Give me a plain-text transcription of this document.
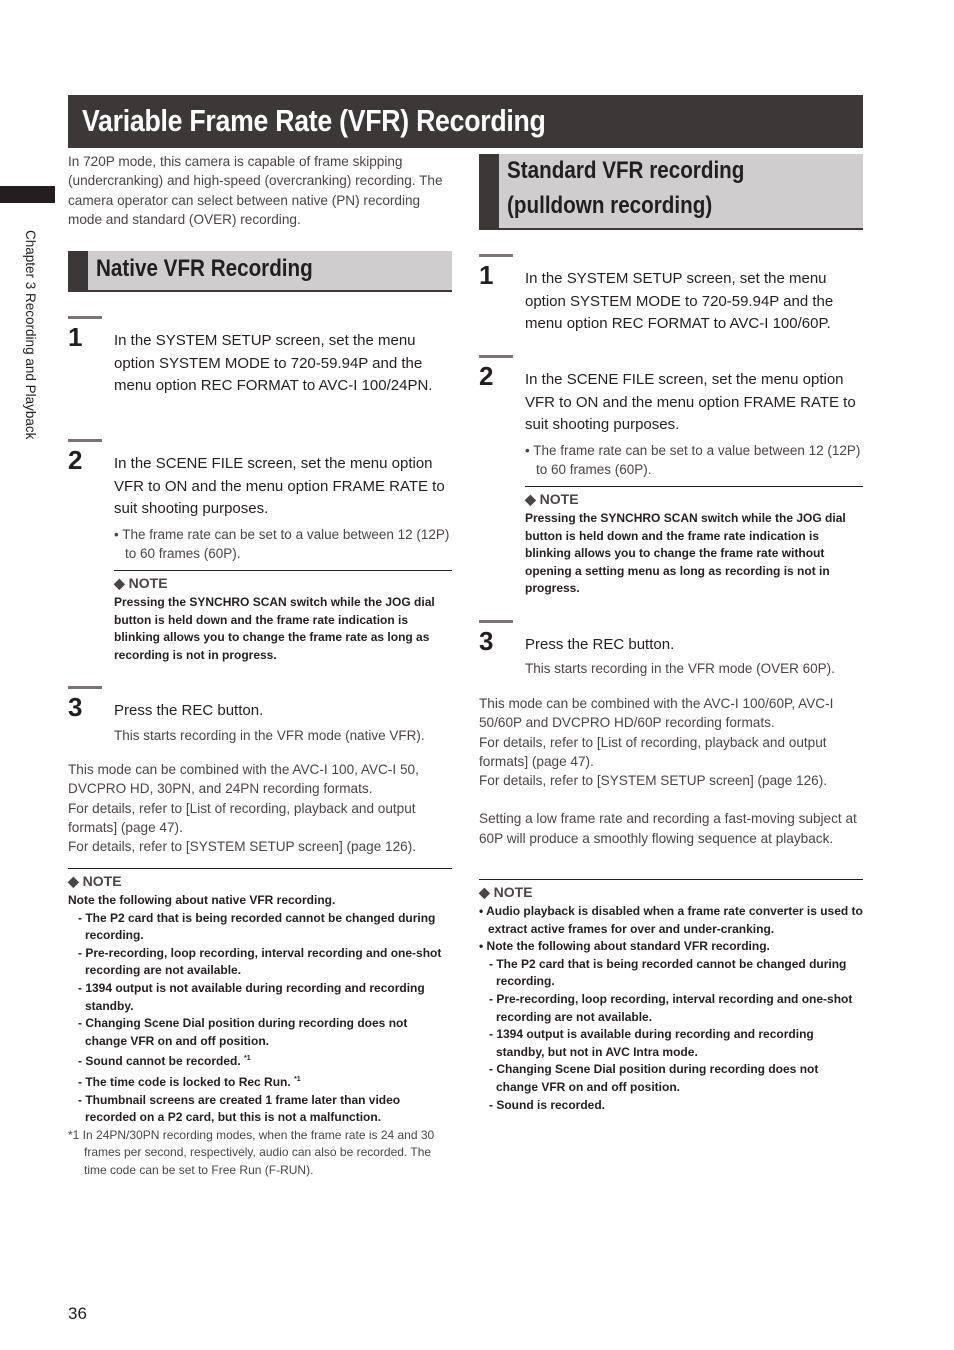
Variable Frame Rate (VFR) Recording
Chapter 3 Recording and Playback

In 720P mode, this camera is capable of frame skipping (undercranking) and high-speed (overcranking) recording. The camera operator can select between native (PN) recording mode and standard (OVER) recording.

Native VFR Recording
1 In the SYSTEM SETUP screen, set the menu option SYSTEM MODE to 720-59.94P and the menu option REC FORMAT to AVC-I 100/24PN.

2 In the SCENE FILE screen, set the menu option VFR to ON and the menu option FRAME RATE to suit shooting purposes.

• The frame rate can be set to a value between 12 (12P) to 60 frames (60P).

◆ NOTE

Pressing the SYNCHRO SCAN switch while the JOG dial button is held down and the frame rate indication is blinking allows you to change the frame rate as long as recording is not in progress.

3 Press the REC button.

This starts recording in the VFR mode (native VFR).

This mode can be combined with the AVC-I 100, AVC-I 50, DVCPRO HD, 30PN, and 24PN recording formats.

For details, refer to [List of recording, playback and output formats] (page 47).

For details, refer to [SYSTEM SETUP screen] (page 126).

◆ NOTE

Note the following about native VFR recording.

- The P2 card that is being recorded cannot be changed during recording.
- Pre-recording, loop recording, interval recording and one-shot recording are not available.
- 1394 output is not available during recording and recording standby.
- Changing Scene Dial position during recording does not change VFR on and off position.
- Sound cannot be recorded. $^{*1}$
- The time code is locked to Rec Run. $^{*1}$
- Thumbnail screens are created 1 frame later than video recorded on a P2 card, but this is not a malfunction.

*1 In 24PN/30PN recording modes, when the frame rate is 24 and 30 frames per second, respectively, audio can also be recorded. The time code can be set to Free Run (F-RUN).

Standard VFR recording
(pulldown recording)
1 In the SYSTEM SETUP screen, set the menu option SYSTEM MODE to 720-59.94P and the menu option REC FORMAT to AVC-I 100/60P.

2 In the SCENE FILE screen, set the menu option VFR to ON and the menu option FRAME RATE to suit shooting purposes.

• The frame rate can be set to a value between 12 (12P) to 60 frames (60P).

◆ NOTE

Pressing the SYNCHRO SCAN switch while the JOG dial button is held down and the frame rate indication is blinking allows you to change the frame rate without opening a setting menu as long as recording is not in progress.

3 Press the REC button.

This starts recording in the VFR mode (OVER 60P).

This mode can be combined with the AVC-I 100/60P, AVC-I 50/60P and DVCPRO HD/60P recording formats.

For details, refer to [List of recording, playback and output formats] (page 47).

For details, refer to [SYSTEM SETUP screen] (page 126).

Setting a low frame rate and recording a fast-moving subject at 60P will produce a smoothly flowing sequence at playback.

◆ NOTE
• Audio playback is disabled when a frame rate converter is used to extract active frames for over and under-cranking.
• Note the following about standard VFR recording.
- The P2 card that is being recorded cannot be changed during recording.
- Pre-recording, loop recording, interval recording and one-shot recording are not available.
- 1394 output is available during recording and recording standby, but not in AVC Intra mode.
- Changing Scene Dial position during recording does not change VFR on and off position.
- Sound is recorded.
36
